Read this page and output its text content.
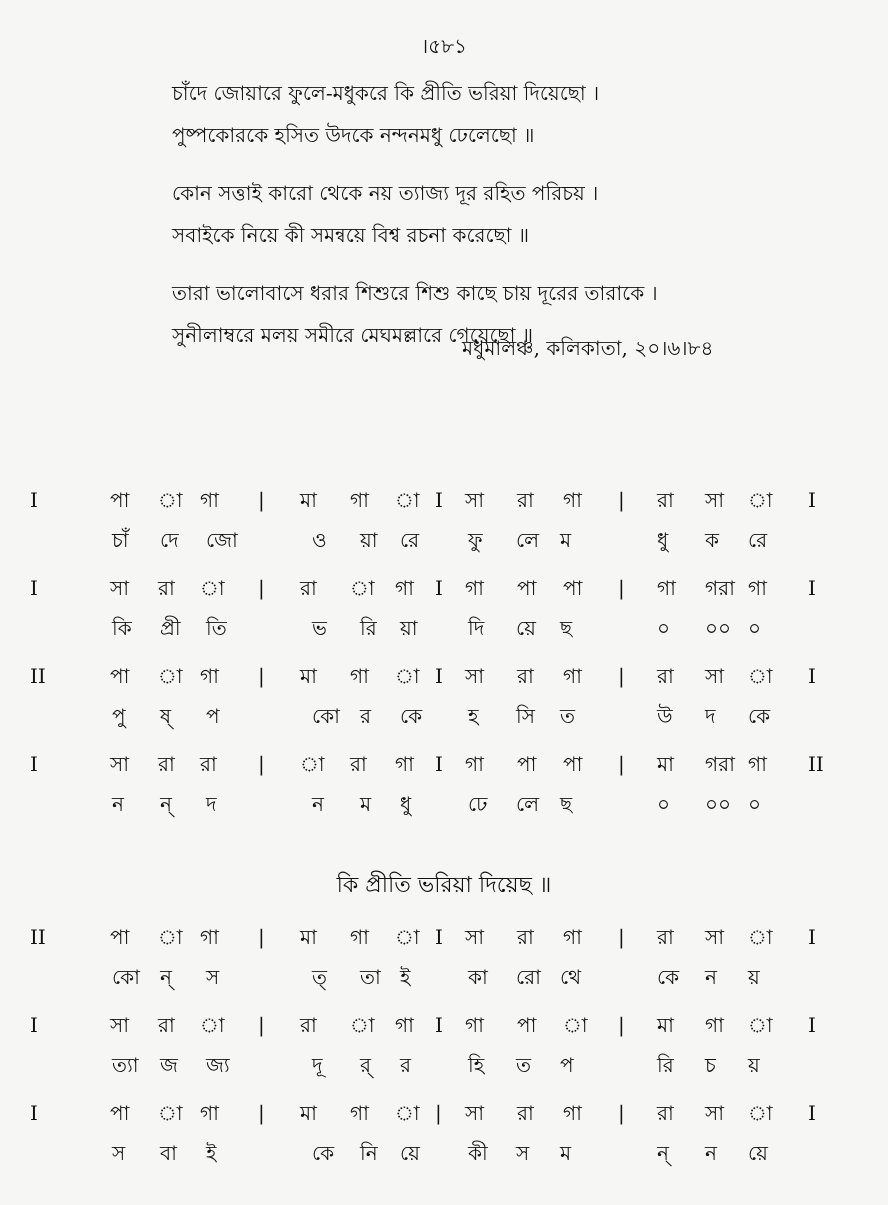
।৫৮১
চাঁদে জোয়ারে ফুলে-মধুকরে কি প্রীতি ভরিয়া দিয়েছো ।
পুষ্পকোরকে হসিত উদকে নন্দনমধু ঢেলেছো ॥
কোন সত্তাই কারো থেকে নয় ত্যাজ্য দূর রহিত পরিচয় ।
সবাইকে নিয়ে কী সমন্বয়ে বিশ্ব রচনা করেছো ॥
তারা ভালোবাসে ধরার শিশুরে শিশু কাছে চায় দূরের তারাকে ।
সুনীলাম্বরে মলয় সমীরে মেঘমল্লারে গেয়েছো ॥
মধুমালঞ্চ, কলিকাতা, ২০।৬।৮৪
I	পা া গা | মা গা া I সা রা গা | রা সা া I
চাঁ দে জো	ও য়া রে ফু লে ম	ধু ক রে
I	সা রা া | রা া গা I গা পা পা | গা গরা গা I
কি প্রী তি	ভ রি য়া	দি য়ে ছ	০ ০০ ০
II	পা া গা | মা গা া I সা রা গা | রা সা া I
পু ষ্ প	কো র কে হ সি ত	উ দ কে
I	সা রা রা | া রা গা I গা পা পা | মা গরা গা II
ন ন্ দ	ন ম ধু	ঢে লে ছ	০ ০০ ০
II	পা া গা | মা গা া I সা রা গা | রা সা া I
কো ন্ স	ত্ তা ই	কা রো থে	কে ন য়
I	সা রা া | রা া গা I গা পা া | মা গা া I
ত্যা জ জ্য	দূ র্ র	হি ত প	রি চ য়
I	পা া গা | মা গা া | সা রা গা | রা সা া I
স বা ই	কে নি য়ে কী স ম	ন্ ন য়ে
কি প্রীতি ভরিয়া দিয়েছ ॥
